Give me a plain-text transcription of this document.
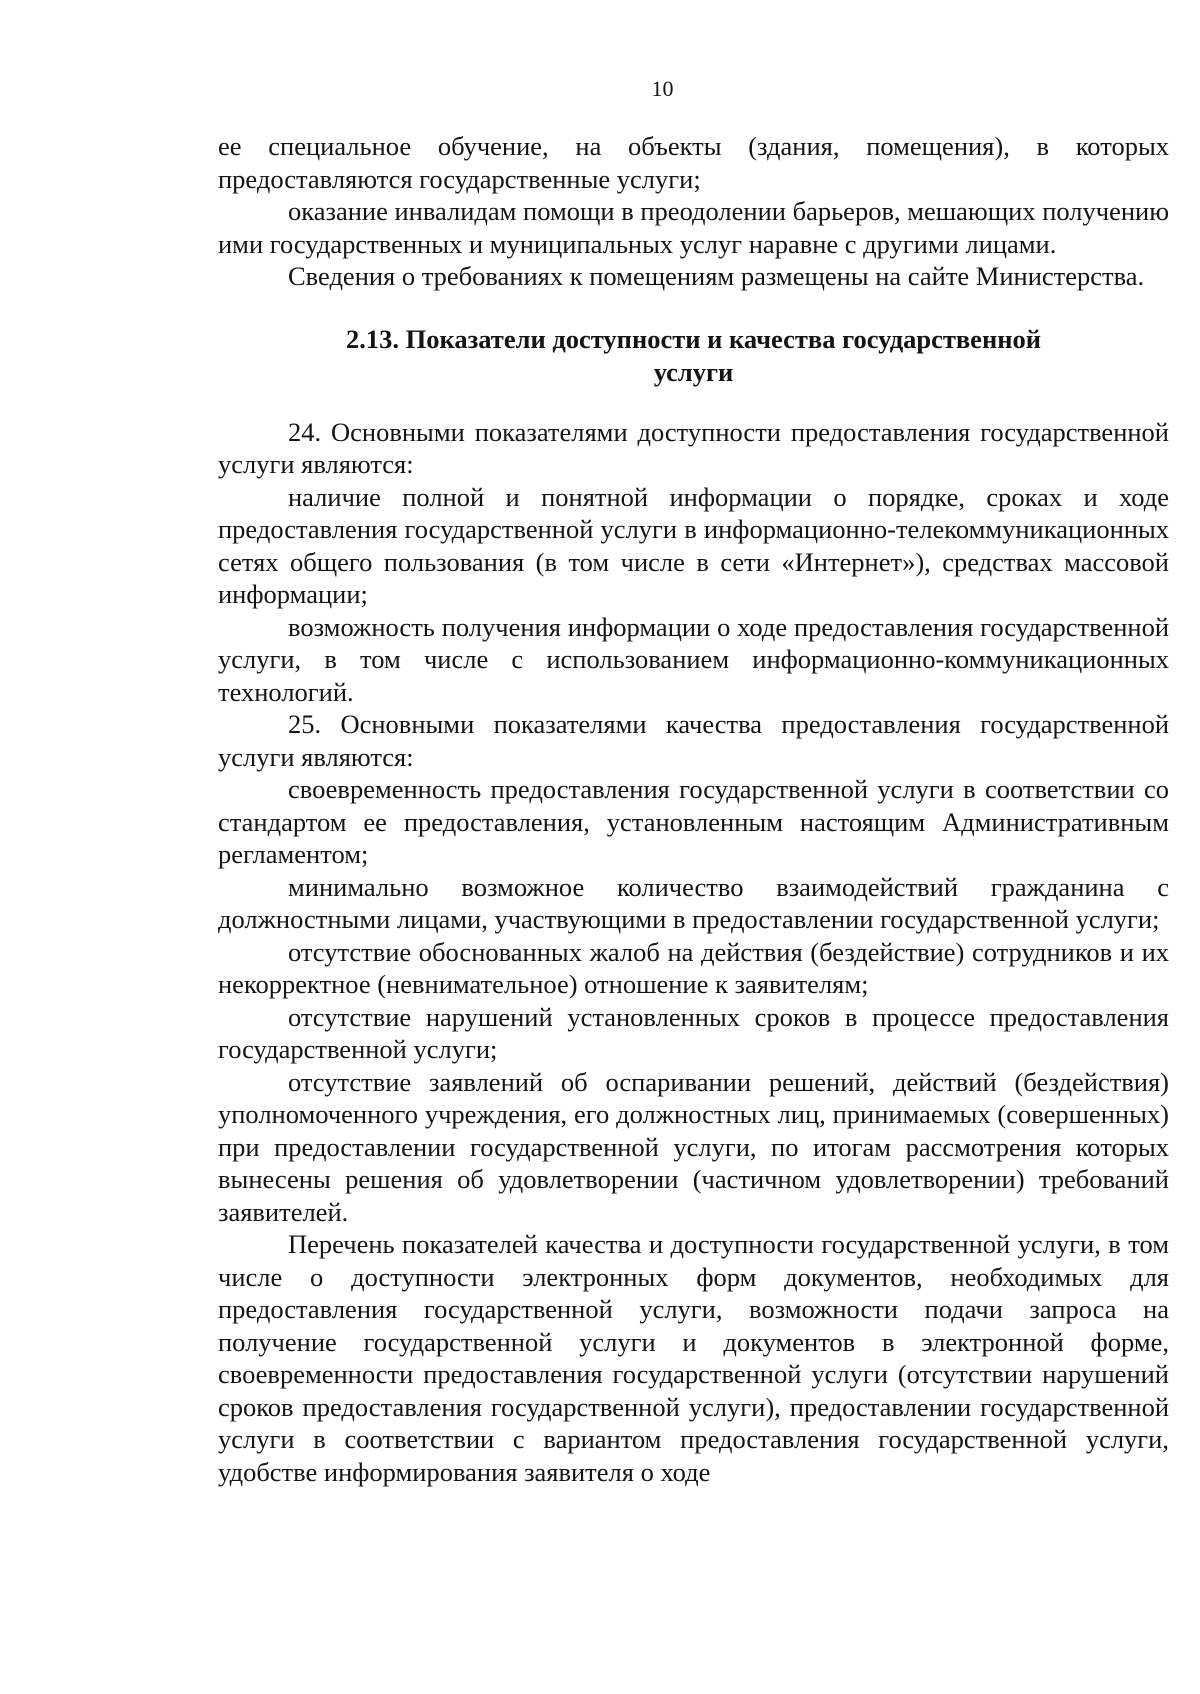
10

ее специальное обучение, на объекты (здания, помещения), в которых предоставляются государственные услуги;

оказание инвалидам помощи в преодолении барьеров, мешающих получению ими государственных и муниципальных услуг наравне с другими лицами.

Сведения о требованиях к помещениям размещены на сайте Министерства.

2.13. Показатели доступности и качества государственной
услуги

24. Основными показателями доступности предоставления государственной услуги являются:

наличие полной и понятной информации о порядке, сроках и ходе предоставления государственной услуги в информационно-телекоммуникационных сетях общего пользования (в том числе в сети «Интернет»), средствах массовой информации;

возможность получения информации о ходе предоставления государственной услуги, в том числе с использованием информационно-коммуникационных технологий.

25. Основными показателями качества предоставления государственной услуги являются:

своевременность предоставления государственной услуги в соответствии со стандартом ее предоставления, установленным настоящим Административным регламентом;

минимально возможное количество взаимодействий гражданина с должностными лицами, участвующими в предоставлении государственной услуги;

отсутствие обоснованных жалоб на действия (бездействие) сотрудников и их некорректное (невнимательное) отношение к заявителям;

отсутствие нарушений установленных сроков в процессе предоставления государственной услуги;

отсутствие заявлений об оспаривании решений, действий (бездействия) уполномоченного учреждения, его должностных лиц, принимаемых (совершенных) при предоставлении государственной услуги, по итогам рассмотрения которых вынесены решения об удовлетворении (частичном удовлетворении) требований заявителей.

Перечень показателей качества и доступности государственной услуги, в том числе о доступности электронных форм документов, необходимых для предоставления государственной услуги, возможности подачи запроса на получение государственной услуги и документов в электронной форме, своевременности предоставления государственной услуги (отсутствии нарушений сроков предоставления государственной услуги), предоставлении государственной услуги в соответствии с вариантом предоставления государственной услуги, удобстве информирования заявителя о ходе
